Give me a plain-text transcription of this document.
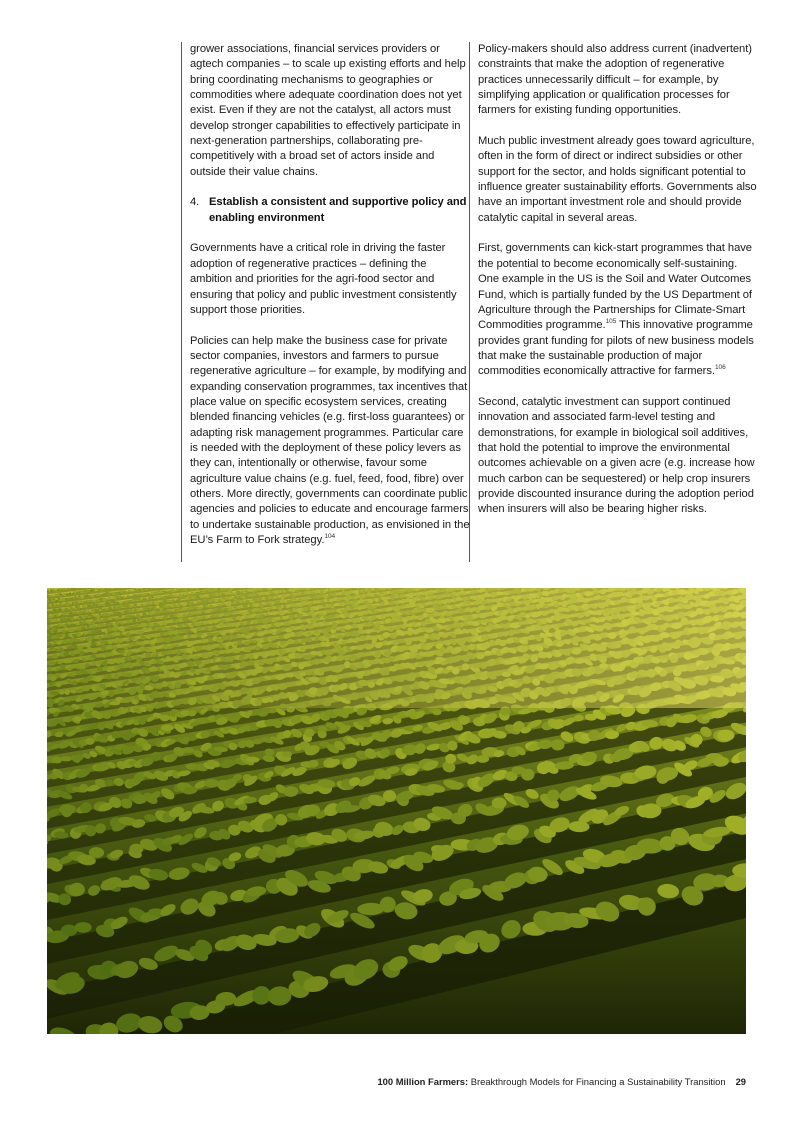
grower associations, financial services providers or agtech companies – to scale up existing efforts and help bring coordinating mechanisms to geographies or commodities where adequate coordination does not yet exist. Even if they are not the catalyst, all actors must develop stronger capabilities to effectively participate in next-generation partnerships, collaborating pre-competitively with a broad set of actors inside and outside their value chains.

4. Establish a consistent and supportive policy and enabling environment

Governments have a critical role in driving the faster adoption of regenerative practices – defining the ambition and priorities for the agri-food sector and ensuring that policy and public investment consistently support those priorities.

Policies can help make the business case for private sector companies, investors and farmers to pursue regenerative agriculture – for example, by modifying and expanding conservation programmes, tax incentives that place value on specific ecosystem services, creating blended financing vehicles (e.g. first-loss guarantees) or adapting risk management programmes. Particular care is needed with the deployment of these policy levers as they can, intentionally or otherwise, favour some agriculture value chains (e.g. fuel, feed, food, fibre) over others. More directly, governments can coordinate public agencies and policies to educate and encourage farmers to undertake sustainable production, as envisioned in the EU’s Farm to Fork strategy.$^{104}$

Policy-makers should also address current (inadvertent) constraints that make the adoption of regenerative practices unnecessarily difficult – for example, by simplifying application or qualification processes for farmers for existing funding opportunities.

Much public investment already goes toward agriculture, often in the form of direct or indirect subsidies or other support for the sector, and holds significant potential to influence greater sustainability efforts. Governments also have an important investment role and should provide catalytic capital in several areas.

First, governments can kick-start programmes that have the potential to become economically self-sustaining. One example in the US is the Soil and Water Outcomes Fund, which is partially funded by the US Department of Agriculture through the Partnerships for Climate-Smart Commodities programme.$^{105}$ This innovative programme provides grant funding for pilots of new business models that make the sustainable production of major commodities economically attractive for farmers.$^{106}$

Second, catalytic investment can support continued innovation and associated farm-level testing and demonstrations, for example in biological soil additives, that hold the potential to improve the environmental outcomes achievable on a given acre (e.g. increase how much carbon can be sequestered) or help crop insurers provide discounted insurance during the adoption period when insurers will also be bearing higher risks.

100 Million Farmers: Breakthrough Models for Financing a Sustainability Transition 29
